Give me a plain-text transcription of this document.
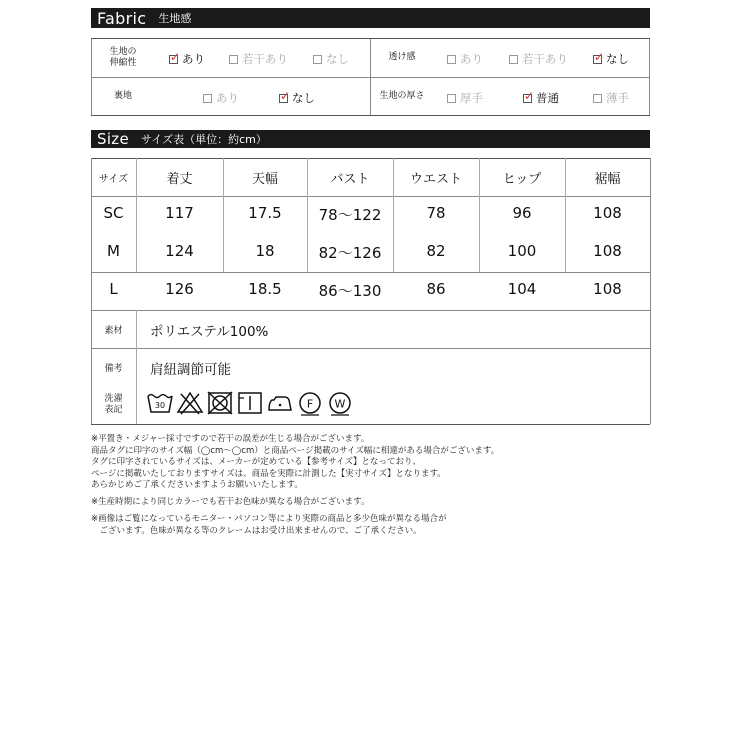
Fabric 生地感
生地の
伸縮性 ✓	あり	若干あり	なし	透け感	あり	若干あり ✓	なし
裏地	あり ✓	なし	生地の厚さ	厚手 ✓	普通	薄手
Size サイズ表（単位：約cm）
サイズ	着丈	天幅	バスト	ウエスト	ヒップ	裾幅
SC	117	17.5	78〜122	78	96	108
M	124	18	82〜126	82	100	108
L	126	18.5	86〜130	86	104	108
素材	ポリエステル100%
備考	肩紐調節可能
洗濯
表記	30	F W
※平置き・メジャー採寸ですので若干の誤差が生じる場合がございます。
商品タグに印字のサイズ幅（◯cm〜◯cm）と商品ページ掲載のサイズ幅に相違がある場合がございます。
タグに印字されているサイズは、メーカーが定めている【参考サイズ】となっており、
ページに掲載いたしておりますサイズは、商品を実際に計測した【実寸サイズ】となります。
あらかじめご了承くださいますようお願いいたします。
※生産時期により同じカラーでも若干お色味が異なる場合がございます。
※画像はご覧になっているモニター・パソコン等により実際の商品と多少色味が異なる場合が
　ございます。色味が異なる等のクレームはお受け出来ませんので、ご了承ください。
